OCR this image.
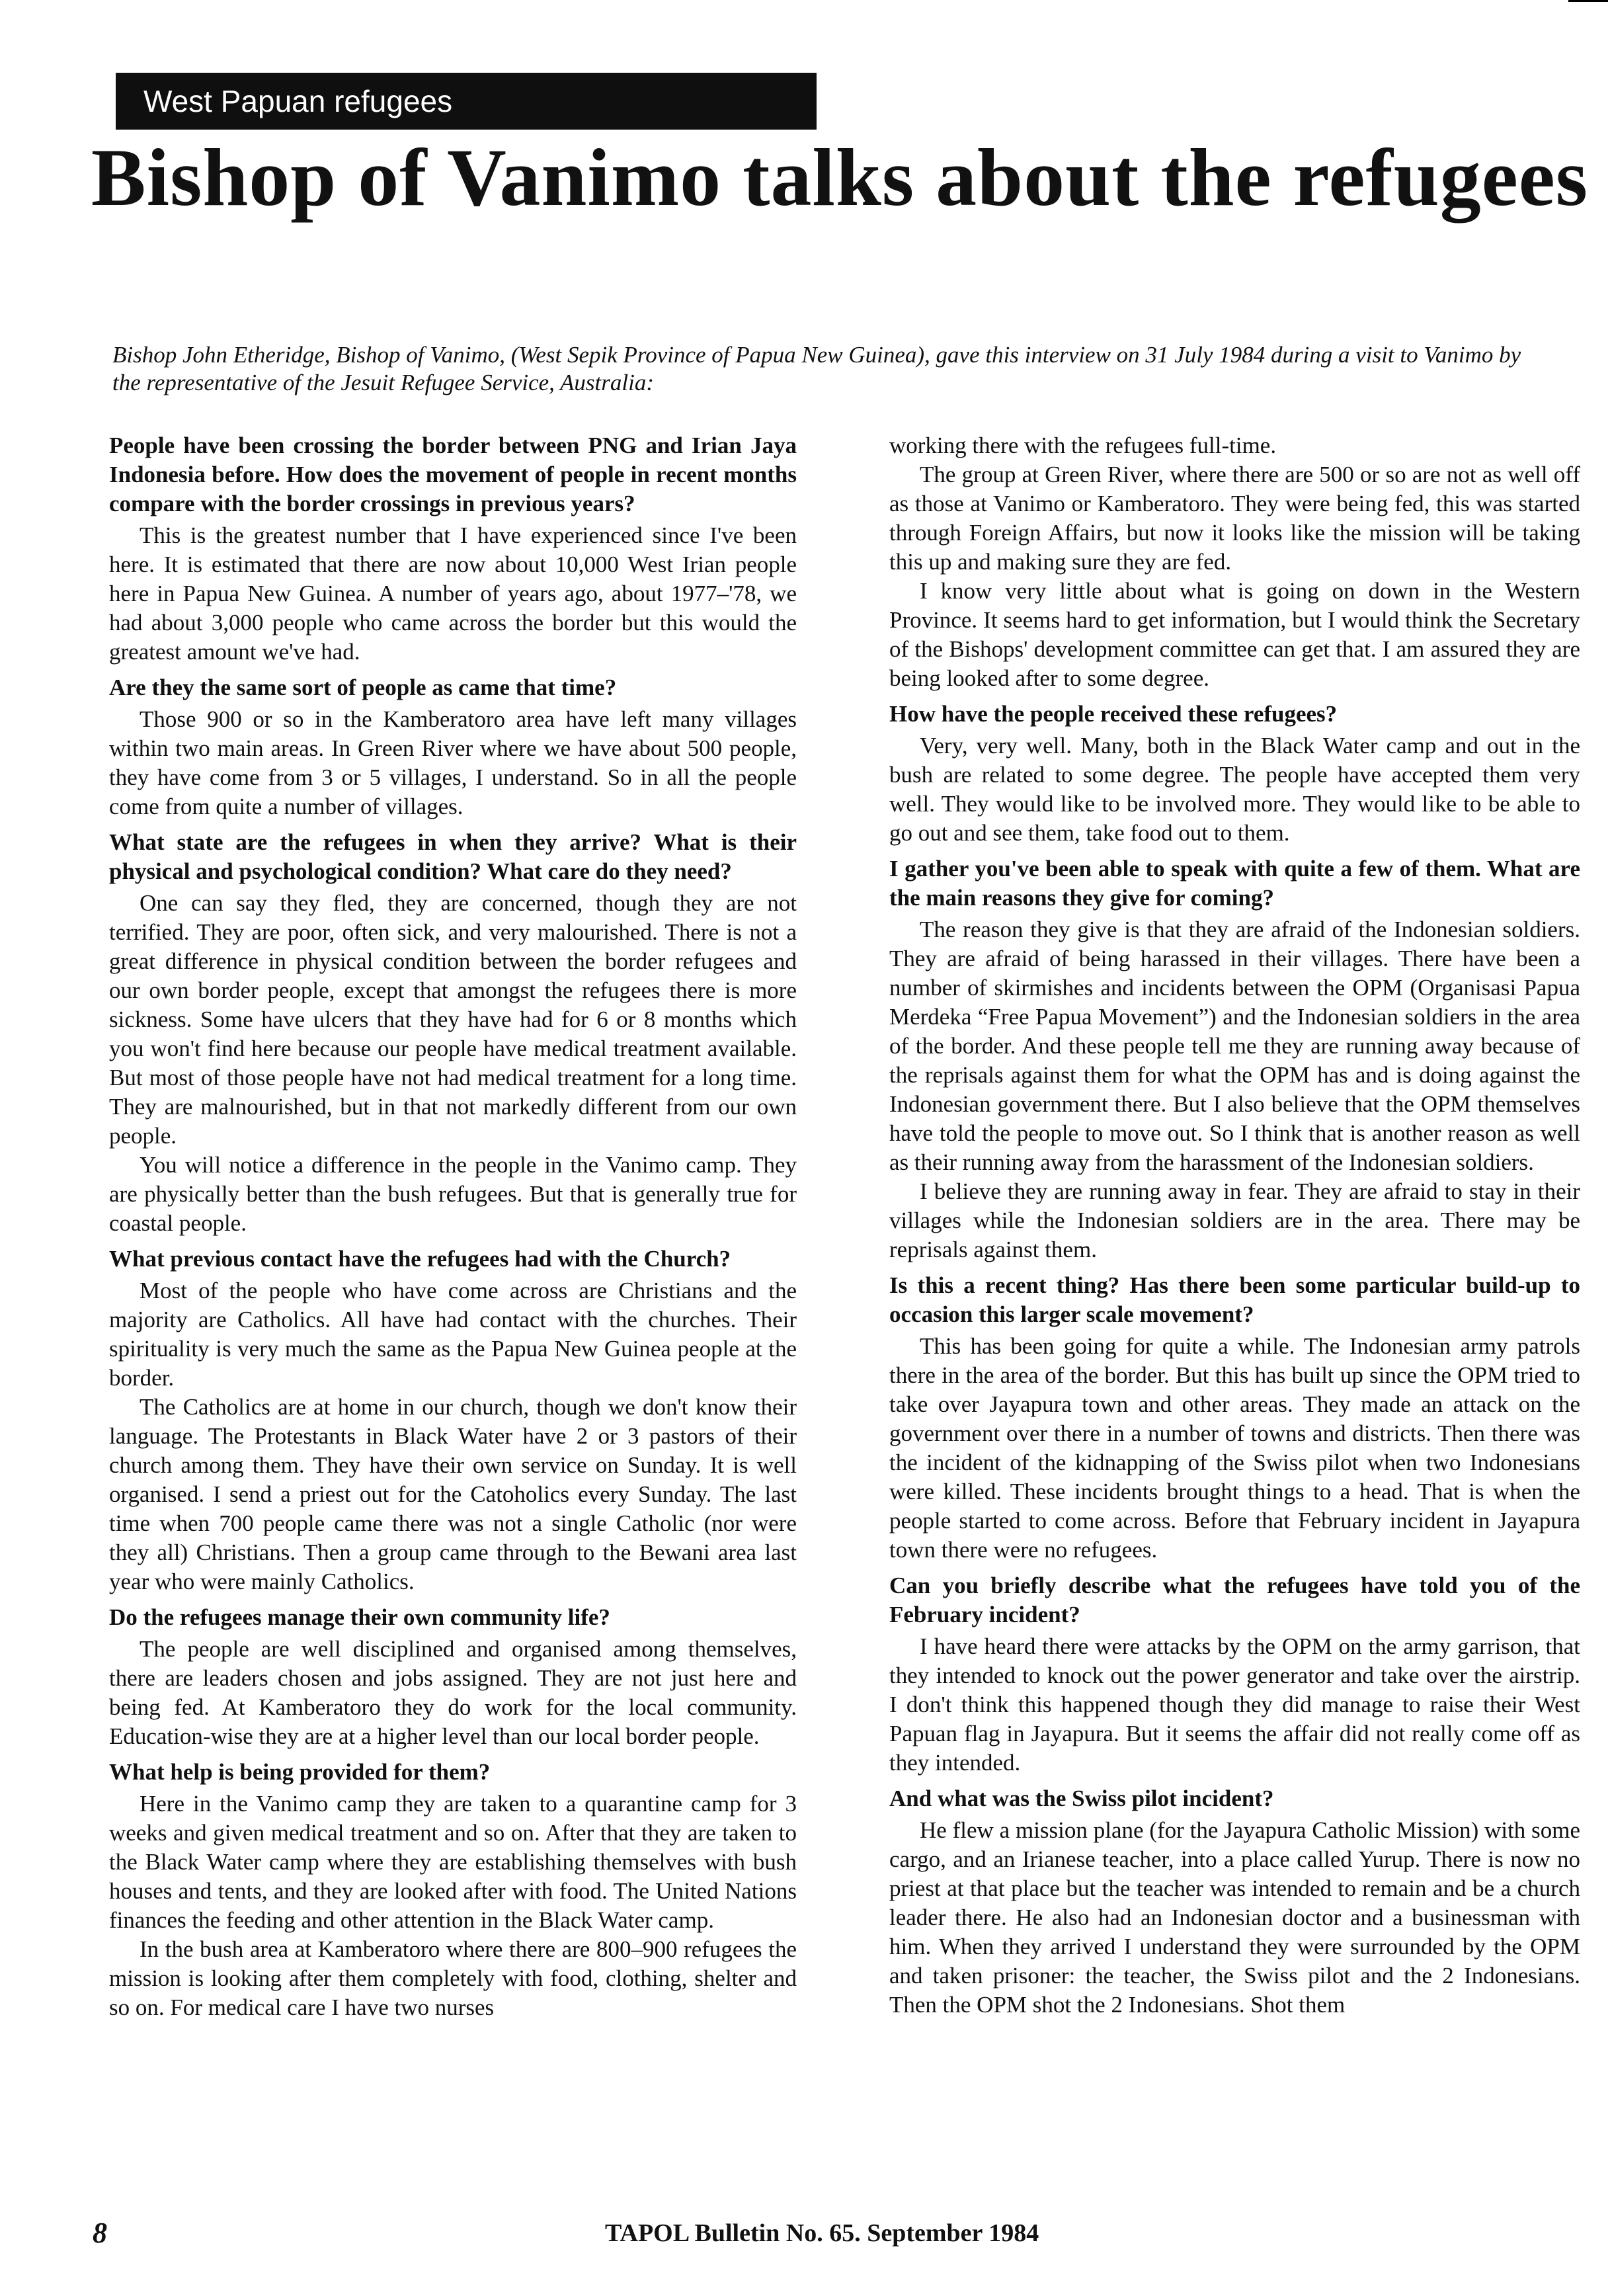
West Papuan refugees
Bishop of Vanimo talks about the refugees
Bishop John Etheridge, Bishop of Vanimo, (West Sepik Province of Papua New Guinea), gave this interview on 31 July 1984 during a visit to Vanimo by the representative of the Jesuit Refugee Service, Australia:
People have been crossing the border between PNG and Irian Jaya Indonesia before. How does the movement of people in recent months compare with the border crossings in previous years?

This is the greatest number that I have experienced since I've been here. It is estimated that there are now about 10,000 West Irian people here in Papua New Guinea. A number of years ago, about 1977–'78, we had about 3,000 people who came across the border but this would the greatest amount we've had.

Are they the same sort of people as came that time?

Those 900 or so in the Kamberatoro area have left many villages within two main areas. In Green River where we have about 500 people, they have come from 3 or 5 villages, I understand. So in all the people come from quite a number of villages.

What state are the refugees in when they arrive? What is their physical and psychological condition? What care do they need?

One can say they fled, they are concerned, though they are not terrified. They are poor, often sick, and very malourished. There is not a great difference in physical condition between the border refugees and our own border people, except that amongst the refugees there is more sickness. Some have ulcers that they have had for 6 or 8 months which you won't find here because our people have medical treatment available. But most of those people have not had medical treatment for a long time. They are malnourished, but in that not markedly different from our own people.

You will notice a difference in the people in the Vanimo camp. They are physically better than the bush refugees. But that is generally true for coastal people.

What previous contact have the refugees had with the Church?

Most of the people who have come across are Christians and the majority are Catholics. All have had contact with the churches. Their spirituality is very much the same as the Papua New Guinea people at the border.

The Catholics are at home in our church, though we don't know their language. The Protestants in Black Water have 2 or 3 pastors of their church among them. They have their own service on Sunday. It is well organised. I send a priest out for the Catoholics every Sunday. The last time when 700 people came there was not a single Catholic (nor were they all) Christians. Then a group came through to the Bewani area last year who were mainly Catholics.

Do the refugees manage their own community life?

The people are well disciplined and organised among themselves, there are leaders chosen and jobs assigned. They are not just here and being fed. At Kamberatoro they do work for the local community. Education-wise they are at a higher level than our local border people.

What help is being provided for them?

Here in the Vanimo camp they are taken to a quarantine camp for 3 weeks and given medical treatment and so on. After that they are taken to the Black Water camp where they are establishing themselves with bush houses and tents, and they are looked after with food. The United Nations finances the feeding and other attention in the Black Water camp.

In the bush area at Kamberatoro where there are 800–900 refugees the mission is looking after them completely with food, clothing, shelter and so on. For medical care I have two nurses

working there with the refugees full-time.

The group at Green River, where there are 500 or so are not as well off as those at Vanimo or Kamberatoro. They were being fed, this was started through Foreign Affairs, but now it looks like the mission will be taking this up and making sure they are fed.

I know very little about what is going on down in the Western Province. It seems hard to get information, but I would think the Secretary of the Bishops' development committee can get that. I am assured they are being looked after to some degree.

How have the people received these refugees?

Very, very well. Many, both in the Black Water camp and out in the bush are related to some degree. The people have accepted them very well. They would like to be involved more. They would like to be able to go out and see them, take food out to them.

I gather you've been able to speak with quite a few of them. What are the main reasons they give for coming?

The reason they give is that they are afraid of the Indonesian soldiers. They are afraid of being harassed in their villages. There have been a number of skirmishes and incidents between the OPM (Organisasi Papua Merdeka “Free Papua Movement”) and the Indonesian soldiers in the area of the border. And these people tell me they are running away because of the reprisals against them for what the OPM has and is doing against the Indonesian government there. But I also believe that the OPM themselves have told the people to move out. So I think that is another reason as well as their running away from the harassment of the Indonesian soldiers.

I believe they are running away in fear. They are afraid to stay in their villages while the Indonesian soldiers are in the area. There may be reprisals against them.

Is this a recent thing? Has there been some particular build-up to occasion this larger scale movement?

This has been going for quite a while. The Indonesian army patrols there in the area of the border. But this has built up since the OPM tried to take over Jayapura town and other areas. They made an attack on the government over there in a number of towns and districts. Then there was the incident of the kidnapping of the Swiss pilot when two Indonesians were killed. These incidents brought things to a head. That is when the people started to come across. Before that February incident in Jayapura town there were no refugees.

Can you briefly describe what the refugees have told you of the February incident?

I have heard there were attacks by the OPM on the army garrison, that they intended to knock out the power generator and take over the airstrip. I don't think this happened though they did manage to raise their West Papuan flag in Jayapura. But it seems the affair did not really come off as they intended.

And what was the Swiss pilot incident?

He flew a mission plane (for the Jayapura Catholic Mission) with some cargo, and an Irianese teacher, into a place called Yurup. There is now no priest at that place but the teacher was intended to remain and be a church leader there. He also had an Indonesian doctor and a businessman with him. When they arrived I understand they were surrounded by the OPM and taken prisoner: the teacher, the Swiss pilot and the 2 Indonesians. Then the OPM shot the 2 Indonesians. Shot them

8	TAPOL Bulletin No. 65. September 1984
